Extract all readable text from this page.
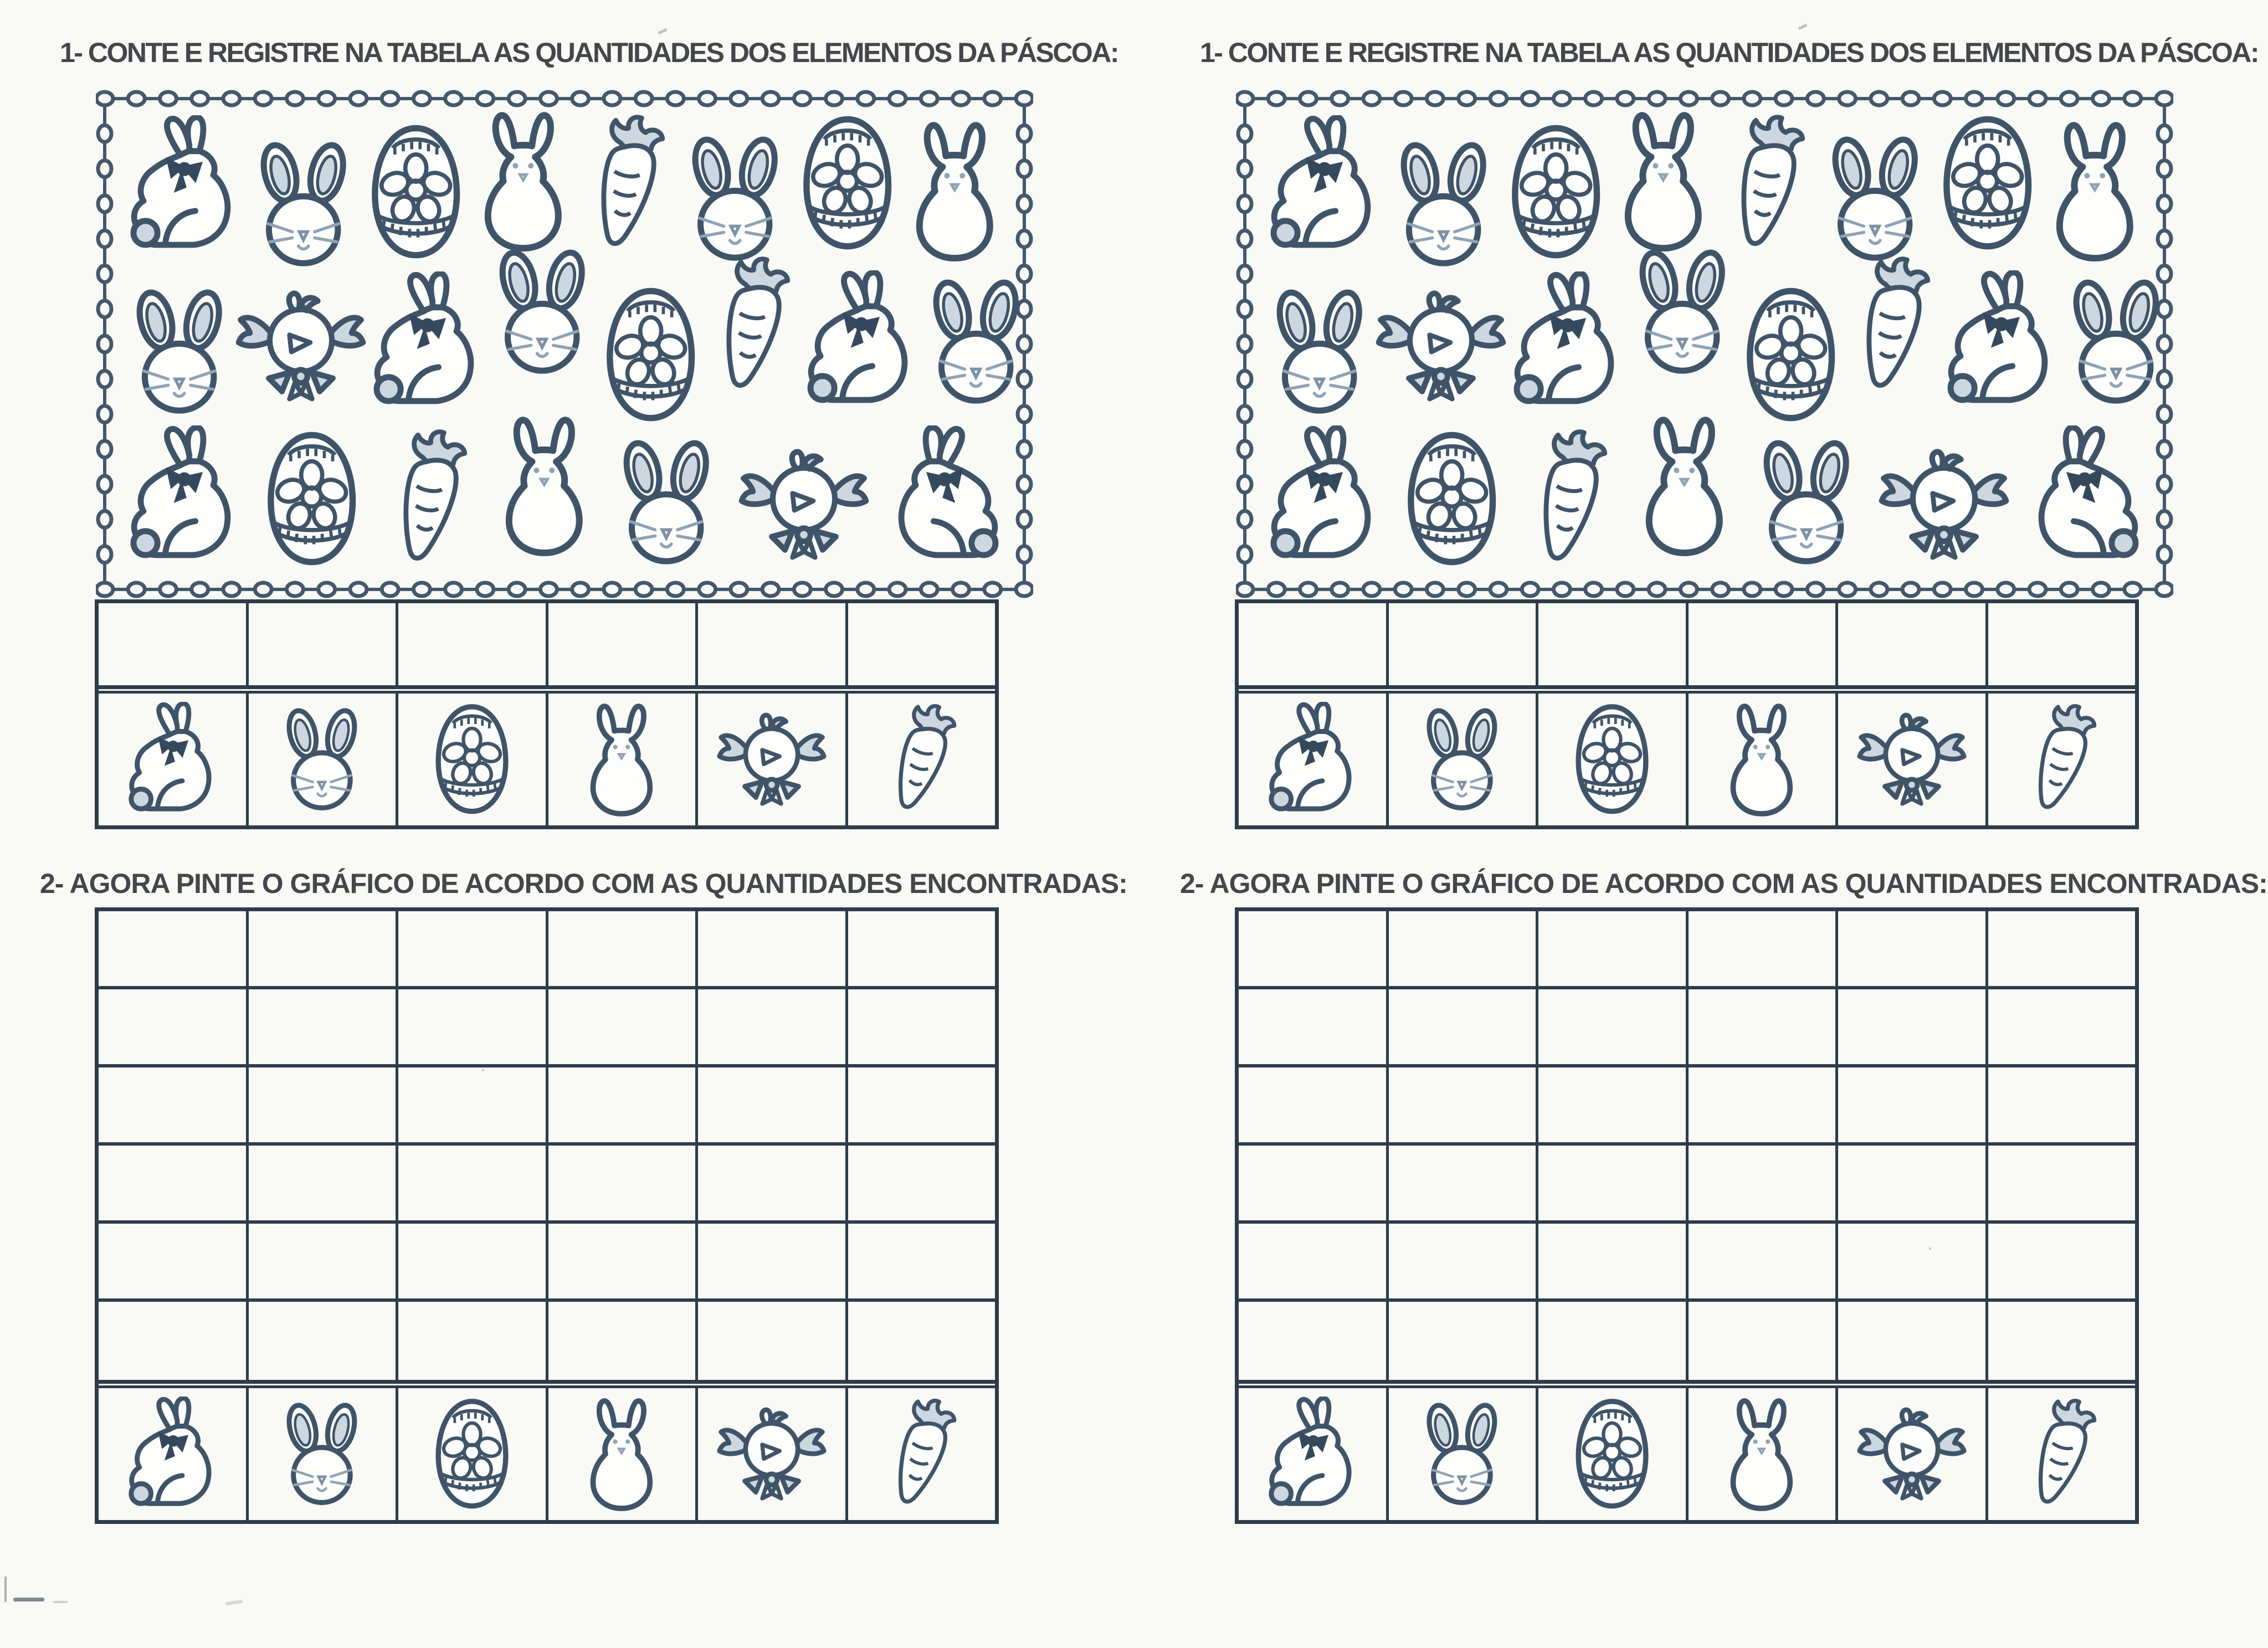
1- CONTE E REGISTRE NA TABELA AS QUANTIDADES DOS ELEMENTOS DA PÁSCOA:
2- AGORA PINTE O GRÁFICO DE ACORDO COM AS QUANTIDADES ENCONTRADAS:
1- CONTE E REGISTRE NA TABELA AS QUANTIDADES DOS ELEMENTOS DA PÁSCOA:
2- AGORA PINTE O GRÁFICO DE ACORDO COM AS QUANTIDADES ENCONTRADAS:
